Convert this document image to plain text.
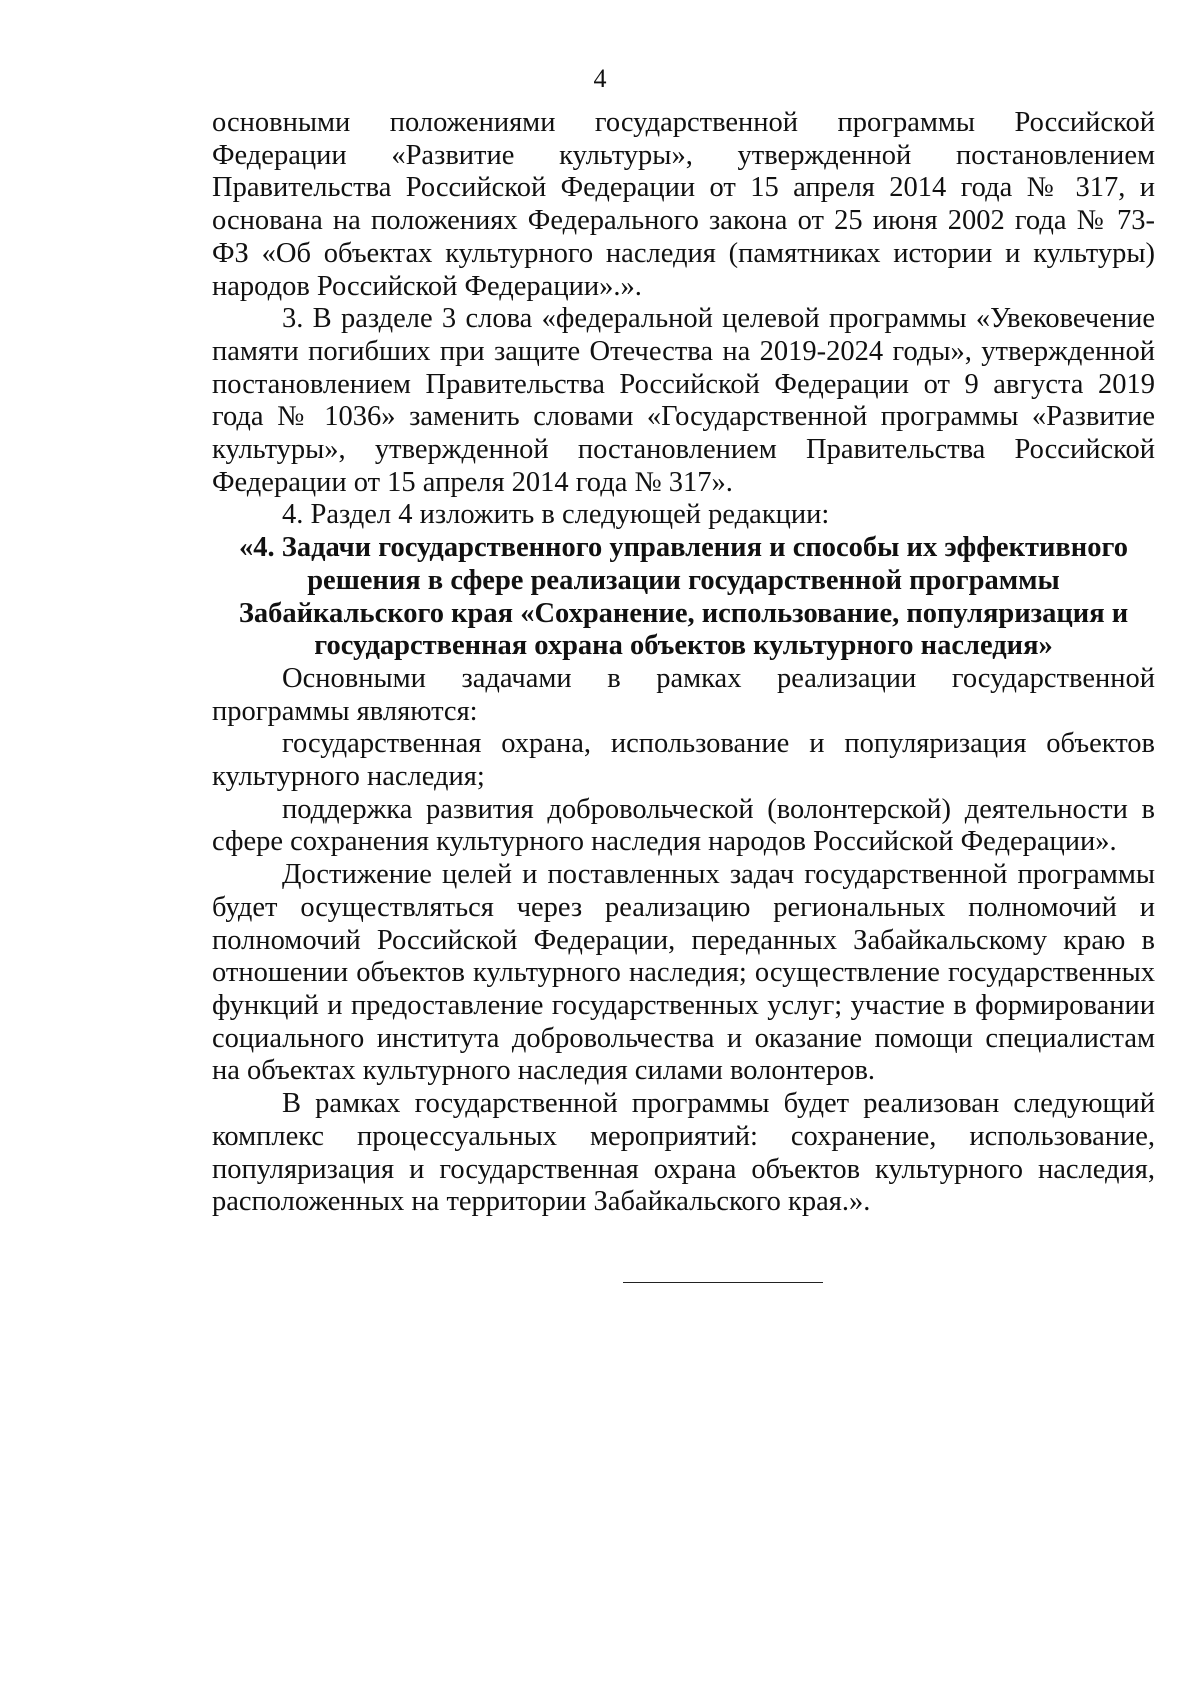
4

основными положениями государственной программы Российской Федерации «Развитие культуры», утвержденной постановлением Правительства Российской Федерации от 15 апреля 2014 года № 317, и основана на положениях Федерального закона от 25 июня 2002 года № 73-ФЗ «Об объектах культурного наследия (памятниках истории и культуры) народов Российской Федерации».».

3. В разделе 3 слова «федеральной целевой программы «Увековечение памяти погибших при защите Отечества на 2019-2024 годы», утвержденной постановлением Правительства Российской Федерации от 9 августа 2019 года № 1036» заменить словами «Государственной программы «Развитие культуры», утвержденной постановлением Правительства Российской Федерации от 15 апреля 2014 года № 317».

4. Раздел 4 изложить в следующей редакции:

«4. Задачи государственного управления и способы их эффективного решения в сфере реализации государственной программы Забайкальского края «Сохранение, использование, популяризация и государственная охрана объектов культурного наследия»

Основными задачами в рамках реализации государственной программы являются:

государственная охрана, использование и популяризация объектов культурного наследия;

поддержка развития добровольческой (волонтерской) деятельности в сфере сохранения культурного наследия народов Российской Федерации».

Достижение целей и поставленных задач государственной программы будет осуществляться через реализацию региональных полномочий и полномочий Российской Федерации, переданных Забайкальскому краю в отношении объектов культурного наследия; осуществление государственных функций и предоставление государственных услуг; участие в формировании социального института добровольчества и оказание помощи специалистам на объектах культурного наследия силами волонтеров.

В рамках государственной программы будет реализован следующий комплекс процессуальных мероприятий: сохранение, использование, популяризация и государственная охрана объектов культурного наследия, расположенных на территории Забайкальского края.».
